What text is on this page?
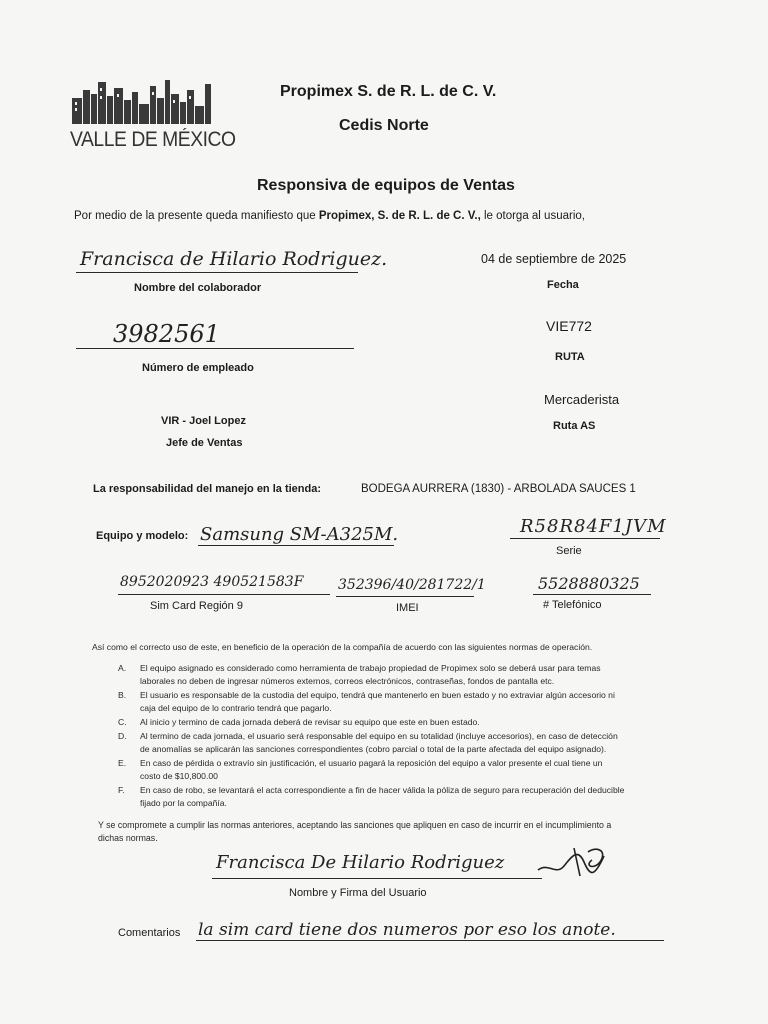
VALLE DE MÉXICO
Propimex S. de R. L. de C. V.
Cedis Norte
Responsiva de equipos de Ventas
Por medio de la presente queda manifiesto que Propimex, S. de R. L. de C. V., le otorga al usuario,
Francisca de Hilario Rodriguez.
Nombre del colaborador
04 de septiembre de 2025
Fecha
3982561
Número de empleado
VIE772
RUTA
Mercaderista
Ruta AS
VIR - Joel Lopez
Jefe de Ventas
La responsabilidad del manejo en la tienda:	BODEGA AURRERA (1830) - ARBOLADA SAUCES 1
Equipo y modelo: Samsung SM-A325M.	R58R84F1JVM
Serie
8952020923 490521583F
Sim Card Región 9
352396/40/281722/1
IMEI
5528880325
# Telefónico
Así como el correcto uso de este, en beneficio de la operación de la compañía de acuerdo con las siguientes normas de operación.
A. El equipo asignado es considerado como herramienta de trabajo propiedad de Propimex solo se deberá usar para temas
laborales no deben de ingresar números externos, correos electrónicos, contraseñas, fondos de pantalla etc.
B. El usuario es responsable de la custodia del equipo, tendrá que mantenerlo en buen estado y no extraviar algún accesorio ni
caja del equipo de lo contrario tendrá que pagarlo.
C. Al inicio y termino de cada jornada deberá de revisar su equipo que este en buen estado.
D. Al termino de cada jornada, el usuario será responsable del equipo en su totalidad (incluye accesorios), en caso de detección
de anomalías se aplicarán las sanciones correspondientes (cobro parcial o total de la parte afectada del equipo asignado).
E. En caso de pérdida o extravío sin justificación, el usuario pagará la reposición del equipo a valor presente el cual tiene un
costo de $10,800.00
F. En caso de robo, se levantará el acta correspondiente a fin de hacer válida la póliza de seguro para recuperación del deducible
fijado por la compañía.
Y se compromete a cumplir las normas anteriores, aceptando las sanciones que apliquen en caso de incurrir en el incumplimiento a
dichas normas.
Francisca De Hilario Rodriguez
Nombre y Firma del Usuario
Comentarios la sim card tiene dos numeros por eso los anote.
